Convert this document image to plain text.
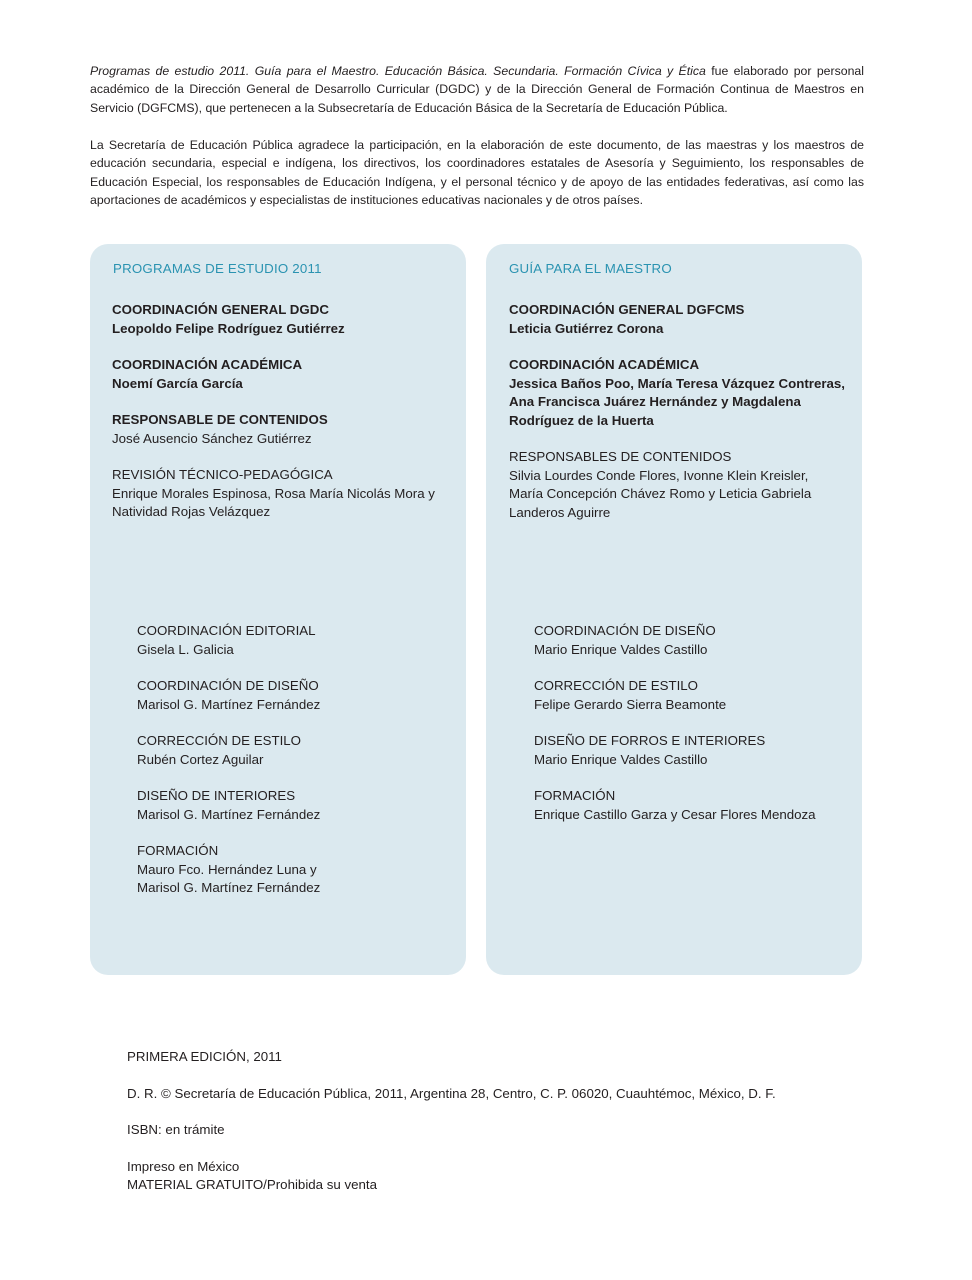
Programas de estudio 2011. Guía para el Maestro. Educación Básica. Secundaria. Formación Cívica y Ética fue elaborado por personal académico de la Dirección General de Desarrollo Curricular (DGDC) y de la Dirección General de Formación Continua de Maestros en Servicio (DGFCMS), que pertenecen a la Subsecretaría de Educación Básica de la Secretaría de Educación Pública.

La Secretaría de Educación Pública agradece la participación, en la elaboración de este documento, de las maestras y los maestros de educación secundaria, especial e indígena, los directivos, los coordinadores estatales de Asesoría y Seguimiento, los responsables de Educación Especial, los responsables de Educación Indígena, y el personal técnico y de apoyo de las entidades federativas, así como las aportaciones de académicos y especialistas de instituciones educativas nacionales y de otros países.

PROGRAMAS DE ESTUDIO 2011
COORDINACIÓN GENERAL DGDC
Leopoldo Felipe Rodríguez Gutiérrez
COORDINACIÓN ACADÉMICA
Noemí García García
RESPONSABLE DE CONTENIDOS
José Ausencio Sánchez Gutiérrez
REVISIÓN TÉCNICO-PEDAGÓGICA
Enrique Morales Espinosa, Rosa María Nicolás Mora y Natividad Rojas Velázquez
COORDINACIÓN EDITORIAL
Gisela L. Galicia
COORDINACIÓN DE DISEÑO
Marisol G. Martínez Fernández
CORRECCIÓN DE ESTILO
Rubén Cortez Aguilar
DISEÑO DE INTERIORES
Marisol G. Martínez Fernández
FORMACIÓN
Mauro Fco. Hernández Luna y Marisol G. Martínez Fernández
GUÍA PARA EL MAESTRO
COORDINACIÓN GENERAL DGFCMS
Leticia Gutiérrez Corona
COORDINACIÓN ACADÉMICA
Jessica Baños Poo, María Teresa Vázquez Contreras, Ana Francisca Juárez Hernández y Magdalena Rodríguez de la Huerta
RESPONSABLES DE CONTENIDOS
Silvia Lourdes Conde Flores, Ivonne Klein Kreisler, María Concepción Chávez Romo y Leticia Gabriela Landeros Aguirre
COORDINACIÓN DE DISEÑO
Mario Enrique Valdes Castillo
CORRECCIÓN DE ESTILO
Felipe Gerardo Sierra Beamonte
DISEÑO DE FORROS E INTERIORES
Mario Enrique Valdes Castillo
FORMACIÓN
Enrique Castillo Garza y Cesar Flores Mendoza

PRIMERA EDICIÓN, 2011

D. R. © Secretaría de Educación Pública, 2011, Argentina 28, Centro, C. P. 06020, Cuauhtémoc, México, D. F.

ISBN: en trámite

Impreso en México

MATERIAL GRATUITO/Prohibida su venta
